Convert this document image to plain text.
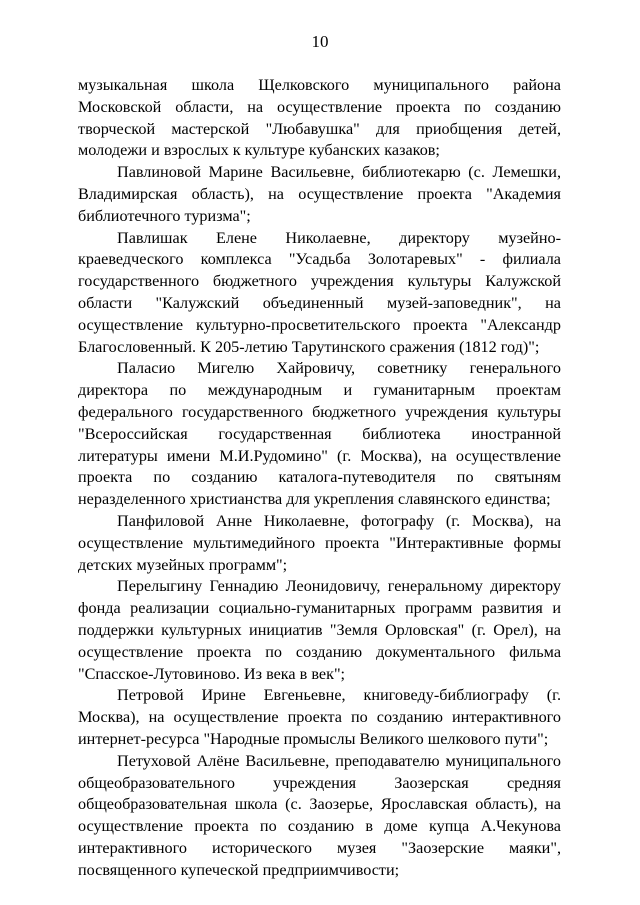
10

музыкальная школа Щелковского муниципального района Московской области, на осуществление проекта по созданию творческой мастерской "Любавушка" для приобщения детей, молодежи и взрослых к культуре кубанских казаков;

Павлиновой Марине Васильевне, библиотекарю (с. Лемешки, Владимирская область), на осуществление проекта "Академия библиотечного туризма";

Павлишак Елене Николаевне, директору музейно-краеведческого комплекса "Усадьба Золотаревых" - филиала государственного бюджетного учреждения культуры Калужской области "Калужский объединенный музей-заповедник", на осуществление культурно-просветительского проекта "Александр Благословенный. К 205-летию Тарутинского сражения (1812 год)";

Паласио Мигелю Хайровичу, советнику генерального директора по международным и гуманитарным проектам федерального государственного бюджетного учреждения культуры "Всероссийская государственная библиотека иностранной литературы имени М.И.Рудомино" (г. Москва), на осуществление проекта по созданию каталога-путеводителя по святыням неразделенного христианства для укрепления славянского единства;

Панфиловой Анне Николаевне, фотографу (г. Москва), на осуществление мультимедийного проекта "Интерактивные формы детских музейных программ";

Перелыгину Геннадию Леонидовичу, генеральному директору фонда реализации социально-гуманитарных программ развития и поддержки культурных инициатив "Земля Орловская" (г. Орел), на осуществление проекта по созданию документального фильма "Спасское-Лутовиново. Из века в век";

Петровой Ирине Евгеньевне, книговеду-библиографу (г. Москва), на осуществление проекта по созданию интерактивного интернет-ресурса "Народные промыслы Великого шелкового пути";

Петуховой Алёне Васильевне, преподавателю муниципального общеобразовательного учреждения Заозерская средняя общеобразовательная школа (с. Заозерье, Ярославская область), на осуществление проекта по созданию в доме купца А.Чекунова интерактивного исторического музея "Заозерские маяки", посвященного купеческой предприимчивости;
